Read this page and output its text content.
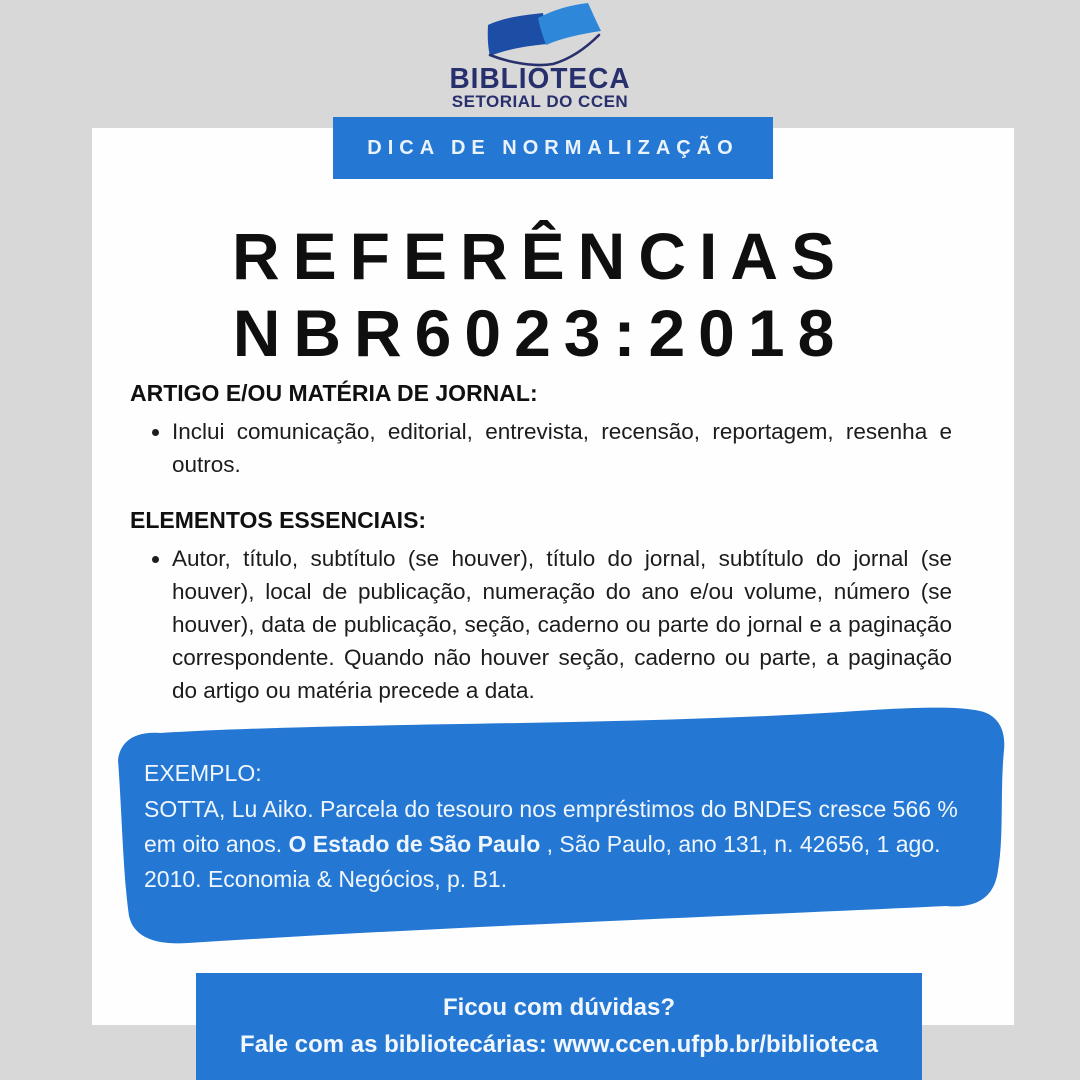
BIBLIOTECA
SETORIAL DO CCEN
DICA DE NORMALIZAÇÃO
REFERÊNCIAS
NBR6023:2018
ARTIGO E/OU MATÉRIA DE JORNAL:
• Inclui comunicação, editorial, entrevista, recensão, reportagem, resenha e outros.
ELEMENTOS ESSENCIAIS:
• Autor, título, subtítulo (se houver), título do jornal, subtítulo do jornal (se houver), local de publicação, numeração do ano e/ou volume, número (se houver), data de publicação, seção, caderno ou parte do jornal e a paginação correspondente. Quando não houver seção, caderno ou parte, a paginação do artigo ou matéria precede a data.
EXEMPLO:

SOTTA, Lu Aiko. Parcela do tesouro nos empréstimos do BNDES cresce 566 % em oito anos. O Estado de São Paulo , São Paulo, ano 131, n. 42656, 1 ago. 2010. Economia & Negócios, p. B1.

Ficou com dúvidas?
Fale com as bibliotecárias: www.ccen.ufpb.br/biblioteca
